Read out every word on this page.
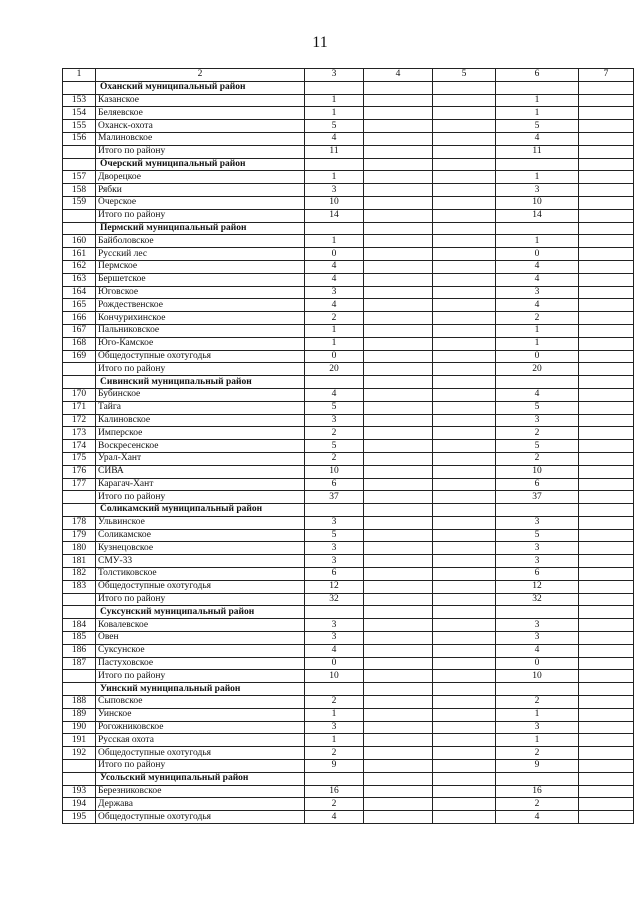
11
1	2	3	4	5	6	7
	Оханский муниципальный район					
153	Казанское	1			1	
154	Беляевское	1			1	
155	Оханск-охота	5			5	
156	Малиновское	4			4	
	Итого по району	11			11	
	Очерский муниципальный район					
157	Дворецкое	1			1	
158	Рябки	3			3	
159	Очерское	10			10	
	Итого по району	14			14	
	Пермский муниципальный район					
160	Байболовское	1			1	
161	Русский лес	0			0	
162	Пермское	4			4	
163	Бершетское	4			4	
164	Юговское	3			3	
165	Рождественское	4			4	
166	Кончурихинское	2			2	
167	Пальниковское	1			1	
168	Юго-Камское	1			1	
169	Общедоступные охотугодья	0			0	
	Итого по району	20			20	
	Сивинский муниципальный район					
170	Бубинское	4			4	
171	Тайга	5			5	
172	Калиновское	3			3	
173	Имперское	2			2	
174	Воскресенское	5			5	
175	Урал-Хант	2			2	
176	СИВА	10			10	
177	Карагач-Хант	6			6	
	Итого по району	37			37	
	Соликамский муниципальный район					
178	Ульвинское	3			3	
179	Соликамское	5			5	
180	Кузнецовское	3			3	
181	СМУ-33	3			3	
182	Толстиковское	6			6	
183	Общедоступные охотугодья	12			12	
	Итого по району	32			32	
	Суксунский муниципальный район					
184	Ковалевское	3			3	
185	Овен	3			3	
186	Суксунское	4			4	
187	Пастуховское	0			0	
	Итого по району	10			10	
	Уинский муниципальный район					
188	Сыповское	2			2	
189	Уинское	1			1	
190	Рогожниковское	3			3	
191	Русская охота	1			1	
192	Общедоступные охотугодья	2			2	
	Итого по району	9			9	
	Усольский муниципальный район					
193	Березниковское	16			16	
194	Держава	2			2	
195	Общедоступные охотугодья	4			4	
